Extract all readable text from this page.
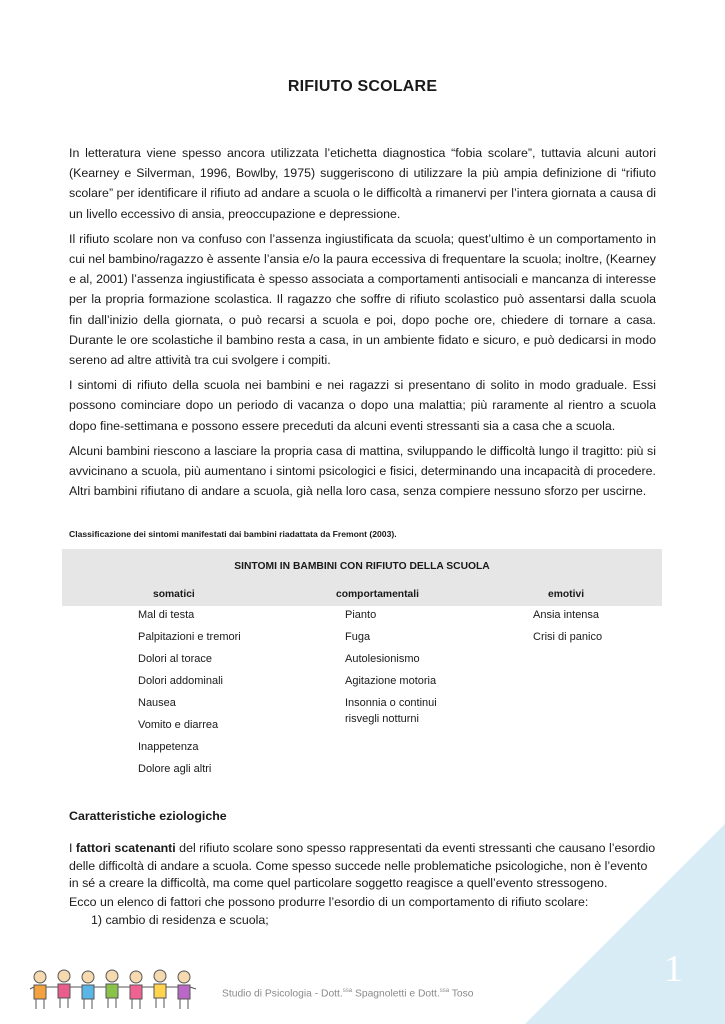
RIFIUTO SCOLARE

In letteratura viene spesso ancora utilizzata l’etichetta diagnostica “fobia scolare”, tuttavia alcuni autori (Kearney e Silverman, 1996, Bowlby, 1975) suggeriscono di utilizzare la più ampia definizione di “rifiuto scolare” per identificare il rifiuto ad andare a scuola o le difficoltà a rimanervi per l’intera giornata a causa di un livello eccessivo di ansia, preoccupazione e depressione.

Il rifiuto scolare non va confuso con l’assenza ingiustificata da scuola; quest’ultimo è un comportamento in cui nel bambino/ragazzo è assente l’ansia e/o la paura eccessiva di frequentare la scuola; inoltre, (Kearney e al, 2001) l’assenza ingiustificata è spesso associata a comportamenti antisociali e mancanza di interesse per la propria formazione scolastica. Il ragazzo che soffre di rifiuto scolastico può assentarsi dalla scuola fin dall’inizio della giornata, o può recarsi a scuola e poi, dopo poche ore, chiedere di tornare a casa. Durante le ore scolastiche il bambino resta a casa, in un ambiente fidato e sicuro, e può dedicarsi in modo sereno ad altre attività tra cui svolgere i compiti.

I sintomi di rifiuto della scuola nei bambini e nei ragazzi si presentano di solito in modo graduale. Essi possono cominciare dopo un periodo di vacanza o dopo una malattia; più raramente al rientro a scuola dopo fine-settimana e possono essere preceduti da alcuni eventi stressanti sia a casa che a scuola.

Alcuni bambini riescono a lasciare la propria casa di mattina, sviluppando le difficoltà lungo il tragitto: più si avvicinano a scuola, più aumentano i sintomi psicologici e fisici, determinando una incapacità di procedere. Altri bambini rifiutano di andare a scuola, già nella loro casa, senza compiere nessuno sforzo per uscirne.

Classificazione dei sintomi manifestati dai bambini riadattata da Fremont (2003).
SINTOMI IN BAMBINI CON RIFIUTO DELLA SCUOLA
somatici	comportamentali	emotivi
Mal di testa
Palpitazioni e tremori
Dolori al torace
Dolori addominali
Nausea
Vomito e diarrea
Inappetenza
Dolore agli altri
Pianto
Fuga
Autolesionismo
Agitazione motoria
Insonnia o continui
risvegli notturni
Ansia intensa
Crisi di panico
Caratteristiche eziologiche

I fattori scatenanti del rifiuto scolare sono spesso rappresentati da eventi stressanti che causano l’esordio delle difficoltà di andare a scuola. Come spesso succede nelle problematiche psicologiche, non è l’evento in sé a creare la difficoltà, ma come quel particolare soggetto reagisce a quell’evento stressogeno.

Ecco un elenco di fattori che possono produrre l’esordio di un comportamento di rifiuto scolare:

1) cambio di residenza e scuola;

Studio di Psicologia - Dott.$^{ssa}$ Spagnoletti e Dott.$^{ssa}$ Toso
1
